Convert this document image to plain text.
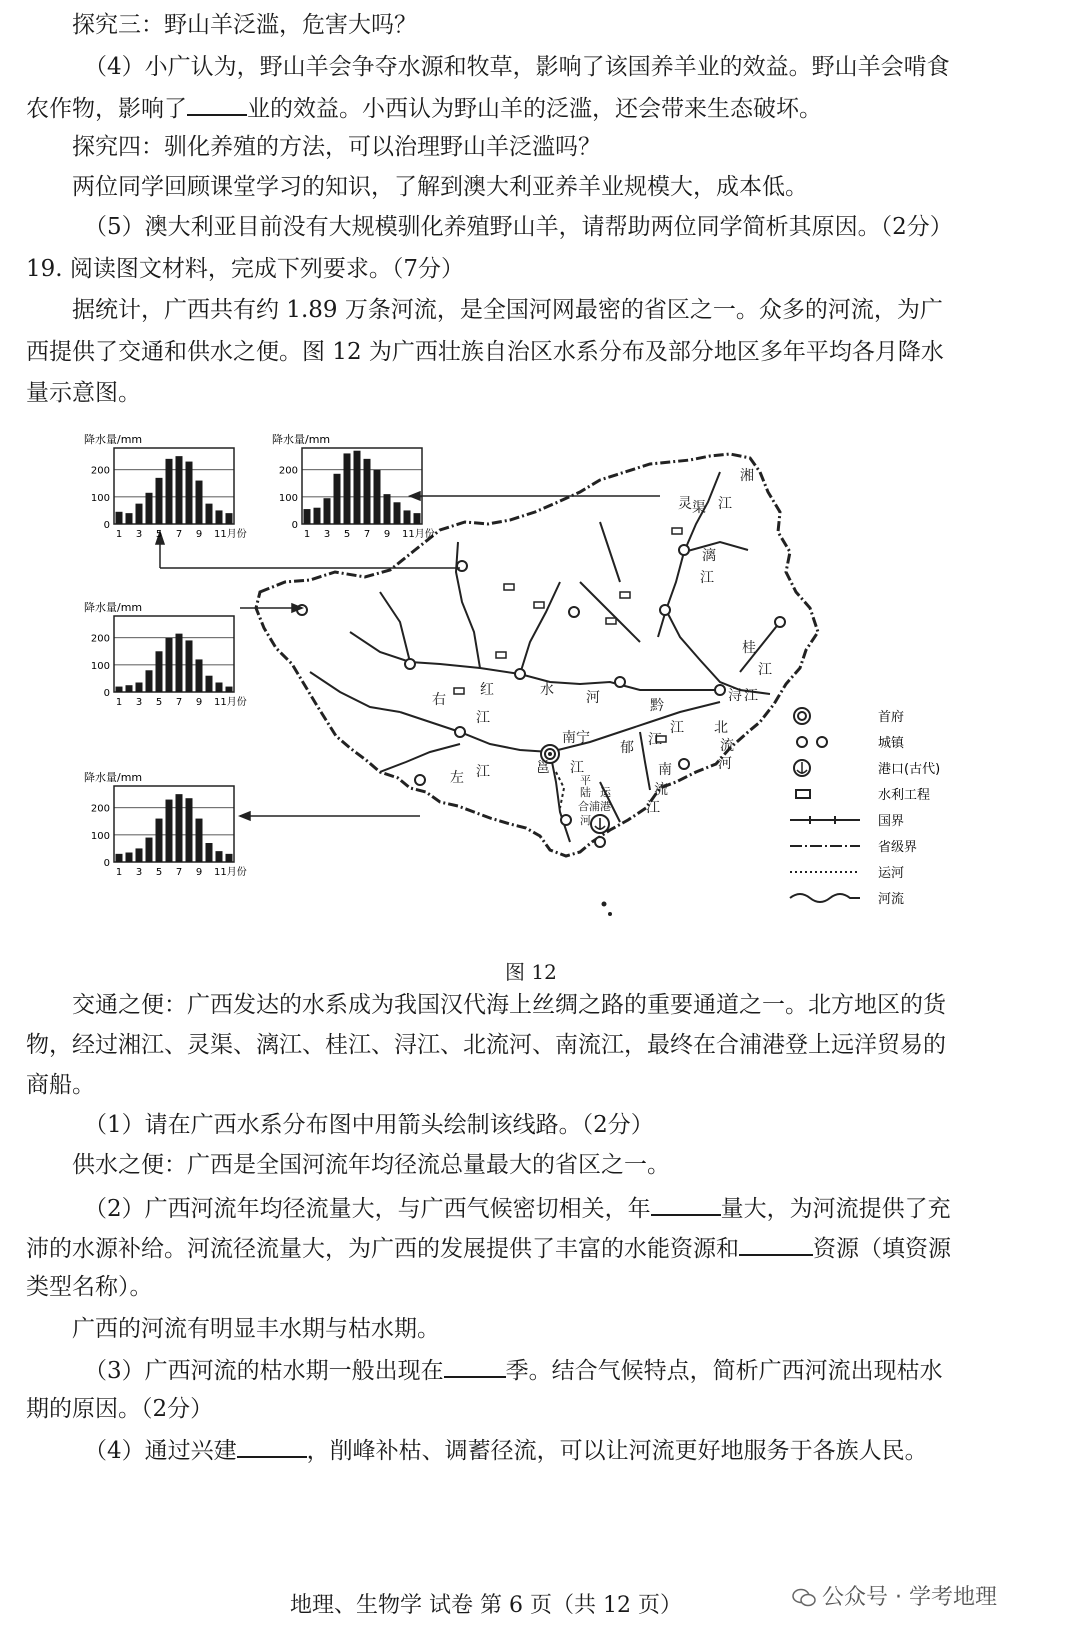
探究三：野山羊泛滥，危害大吗？
（4）小广认为，野山羊会争夺水源和牧草，影响了该国养羊业的效益。野山羊会啃食
农作物，影响了	业的效益。小西认为野山羊的泛滥，还会带来生态破坏。
探究四：驯化养殖的方法，可以治理野山羊泛滥吗？
两位同学回顾课堂学习的知识，了解到澳大利亚养羊业规模大，成本低。
（5）澳大利亚目前没有大规模驯化养殖野山羊，请帮助两位同学简析其原因。（2分）
19. 阅读图文材料，完成下列要求。（7分）
据统计，广西共有约 1.89 万条河流，是全国河网最密的省区之一。众多的河流，为广
西提供了交通和供水之便。图 12 为广西壮族自治区水系分布及部分地区多年平均各月降水
量示意图。
南宁
合浦港
湘
江
灵 渠
漓
江
桂
江
浔 江
红	水 河	黔
江
右
江
左 江
郁 江
北
流
河
南
流
江
邕 江
平
陆 运
河
首府
城镇
港口(古代)
水利工程
国界
省级界
运河
河流
降水量/mm
0
100
200
1 3 5 7 9 11月份
降水量/mm
0
100
200
1 3 5 7 9 11月份
降水量/mm
0
100
200
1 3 5 7 9 11月份
降水量/mm
0
100
200
1 3 5 7 9 11月份
图 12
交通之便：广西发达的水系成为我国汉代海上丝绸之路的重要通道之一。北方地区的货
物，经过湘江、灵渠、漓江、桂江、浔江、北流河、南流江，最终在合浦港登上远洋贸易的
商船。
（1）请在广西水系分布图中用箭头绘制该线路。（2分）
供水之便：广西是全国河流年均径流总量最大的省区之一。
（2）广西河流年均径流量大，与广西气候密切相关，年	量大，为河流提供了充
沛的水源补给。河流径流量大，为广西的发展提供了丰富的水能资源和	资源（填资源
类型名称）。
广西的河流有明显丰水期与枯水期。
（3）广西河流的枯水期一般出现在	季。结合气候特点，简析广西河流出现枯水
期的原因。（2分）
（4）通过兴建	，削峰补枯、调蓄径流，可以让河流更好地服务于各族人民。
地理、生物学 试卷 第 6 页（共 12 页）	公众号 · 学考地理
